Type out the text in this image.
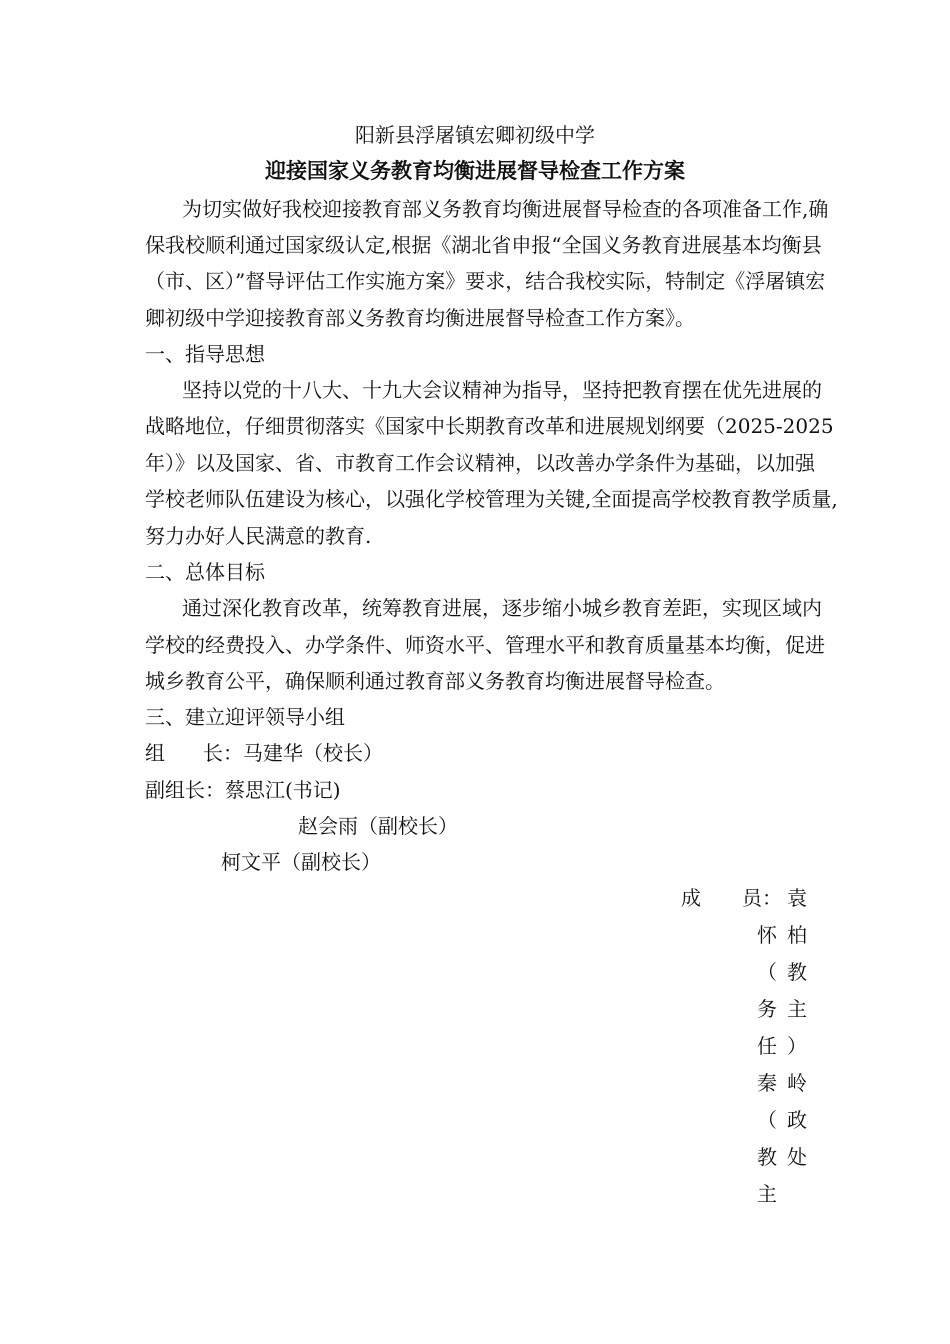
阳新县浮屠镇宏卿初级中学
迎接国家义务教育均衡进展督导检查工作方案
为切实做好我校迎接教育部义务教育均衡进展督导检查的各项准备工作,确
保我校顺利通过国家级认定,根据《湖北省申报“全国义务教育进展基本均衡县
（市、区）”督导评估工作实施方案》要求，结合我校实际，特制定《浮屠镇宏
卿初级中学迎接教育部义务教育均衡进展督导检查工作方案》。
一、指导思想
坚持以党的十八大、十九大会议精神为指导，坚持把教育摆在优先进展的
战略地位，仔细贯彻落实《国家中长期教育改革和进展规划纲要（2025-2025
年）》以及国家、省、市教育工作会议精神，以改善办学条件为基础，以加强
学校老师队伍建设为核心，以强化学校管理为关键,全面提高学校教育教学质量,
努力办好人民满意的教育.
二、总体目标
通过深化教育改革，统筹教育进展，逐步缩小城乡教育差距，实现区域内
学校的经费投入、办学条件、师资水平、管理水平和教育质量基本均衡，促进
城乡教育公平，确保顺利通过教育部义务教育均衡进展督导检查。
三、建立迎评领导小组
组 长：马建华（校长）
副组长：蔡思江(书记)
赵会雨（副校长）
柯文平（副校长）
成 员： 袁
柏
教
主
）
岭
政
处
怀
（
务
任
秦
（
教
主
